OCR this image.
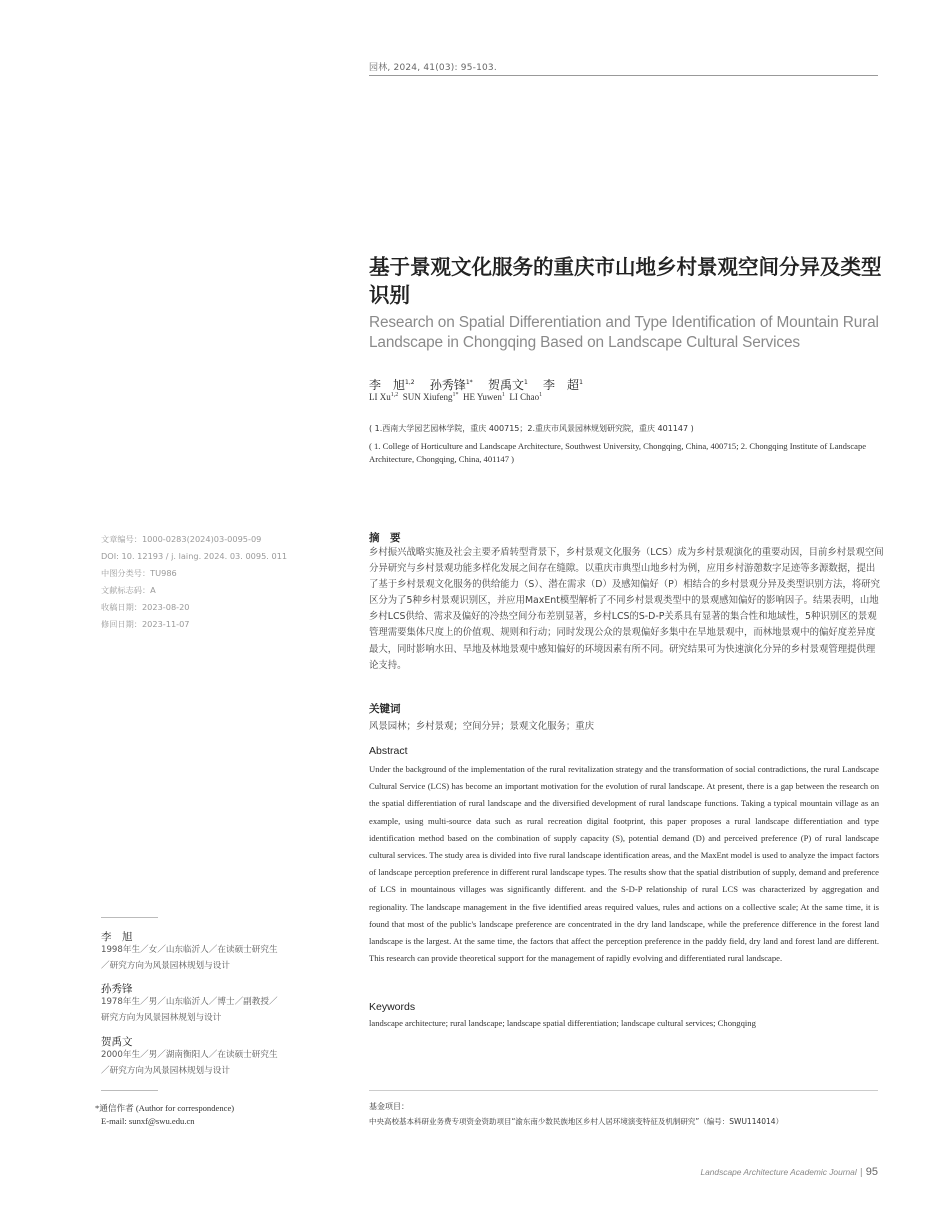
园林, 2024, 41(03): 95-103.
基于景观文化服务的重庆市山地乡村景观空间分异及类型识别
Research on Spatial Differentiation and Type Identification of Mountain Rural Landscape in Chongqing Based on Landscape Cultural Services
李　旭$^{1,2}$ 孙秀锋$^{1*}$ 贺禹文$^1$ 李　超$^1$
LI Xu$^{1,2}$ SUN Xiufeng$^{1*}$ HE Yuwen$^1$ LI Chao$^1$
( 1.西南大学园艺园林学院，重庆 400715；2.重庆市风景园林规划研究院，重庆 401147 )
( 1. College of Horticulture and Landscape Architecture, Southwest University, Chongqing, China, 400715; 2. Chongqing Institute of Landscape Architecture, Chongqing, China, 401147 )
文章编号：1000-0283(2024)03-0095-09
DOI: 10. 12193 / j. laing. 2024. 03. 0095. 011
中图分类号：TU986
文献标志码：A
收稿日期：2023-08-20
修回日期：2023-11-07
摘　要
乡村振兴战略实施及社会主要矛盾转型背景下，乡村景观文化服务（LCS）成为乡村景观演化的重要动因，目前乡村景观空间分异研究与乡村景观功能多样化发展之间存在缝隙。以重庆市典型山地乡村为例，应用乡村游憩数字足迹等多源数据，提出了基于乡村景观文化服务的供给能力（S）、潜在需求（D）及感知偏好（P）相结合的乡村景观分异及类型识别方法，将研究区分为了5种乡村景观识别区，并应用MaxEnt模型解析了不同乡村景观类型中的景观感知偏好的影响因子。结果表明，山地乡村LCS供给、需求及偏好的冷热空间分布差别显著，乡村LCS的S-D-P关系具有显著的集合性和地域性，5种识别区的景观管理需要集体尺度上的价值观、规则和行动；同时发现公众的景观偏好多集中在旱地景观中，而林地景观中的偏好度差异度最大，同时影响水田、旱地及林地景观中感知偏好的环境因素有所不同。研究结果可为快速演化分异的乡村景观管理提供理论支持。
关键词
风景园林；乡村景观；空间分异；景观文化服务；重庆
Abstract
Under the background of the implementation of the rural revitalization strategy and the transformation of social contradictions, the rural Landscape Cultural Service (LCS) has become an important motivation for the evolution of rural landscape. At present, there is a gap between the research on the spatial differentiation of rural landscape and the diversified development of rural landscape functions. Taking a typical mountain village as an example, using multi-source data such as rural recreation digital footprint, this paper proposes a rural landscape differentiation and type identification method based on the combination of supply capacity (S), potential demand (D) and perceived preference (P) of rural landscape cultural services. The study area is divided into five rural landscape identification areas, and the MaxEnt model is used to analyze the impact factors of landscape perception preference in different rural landscape types. The results show that the spatial distribution of supply, demand and preference of LCS in mountainous villages was significantly different. and the S-D-P relationship of rural LCS was characterized by aggregation and regionality. The landscape management in the five identified areas required values, rules and actions on a collective scale; At the same time, it is found that most of the public's landscape preference are concentrated in the dry land landscape, while the preference difference in the forest land landscape is the largest. At the same time, the factors that affect the perception preference in the paddy field, dry land and forest land are different. This research can provide theoretical support for the management of rapidly evolving and differentiated rural landscape.
Keywords
landscape architecture; rural landscape; landscape spatial differentiation; landscape cultural services; Chongqing
李　旭
1998年生／女／山东临沂人／在读硕士研究生／研究方向为风景园林规划与设计
孙秀锋
1978年生／男／山东临沂人／博士／副教授／研究方向为风景园林规划与设计
贺禹文
2000年生／男／湖南衡阳人／在读硕士研究生／研究方向为风景园林规划与设计
*通信作者 (Author for correspondence)
E-mail: sunxf@swu.edu.cn
基金项目：
中央高校基本科研业务费专项资金资助项目“渝东南少数民族地区乡村人居环境演变特征及机制研究”（编号：SWU114014）
Landscape Architecture Academic Journal | 95
